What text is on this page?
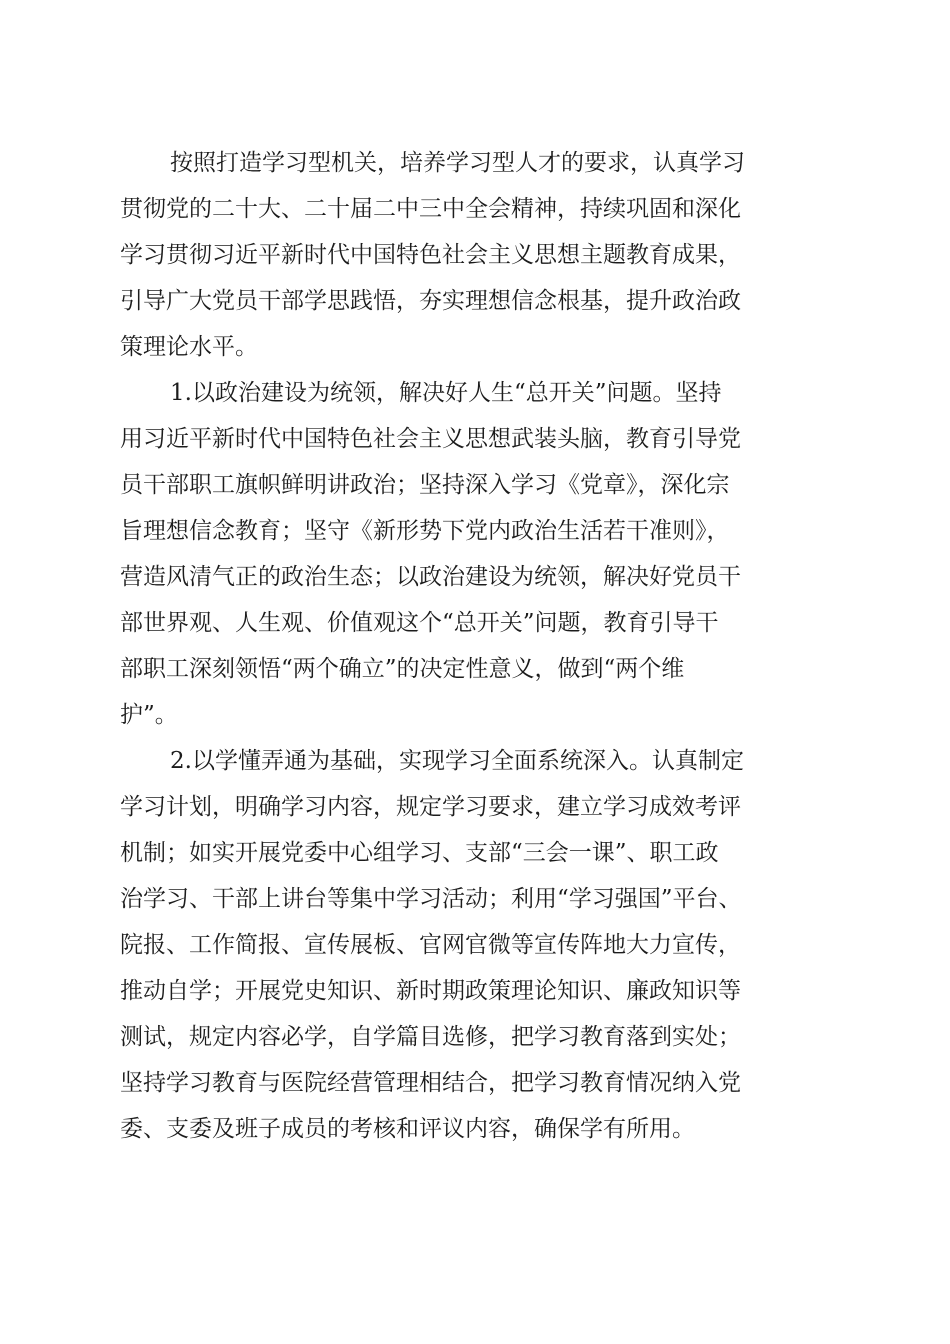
按照打造学习型机关，培养学习型人才的要求，认真学习
贯彻党的二十大、二十届二中三中全会精神，持续巩固和深化
学习贯彻习近平新时代中国特色社会主义思想主题教育成果，
引导广大党员干部学思践悟，夯实理想信念根基，提升政治政
策理论水平。
1.以政治建设为统领，解决好人生“总开关”问题。坚持
用习近平新时代中国特色社会主义思想武装头脑，教育引导党
员干部职工旗帜鲜明讲政治；坚持深入学习《党章》，深化宗
旨理想信念教育；坚守《新形势下党内政治生活若干准则》，
营造风清气正的政治生态；以政治建设为统领，解决好党员干
部世界观、人生观、价值观这个“总开关”问题，教育引导干
部职工深刻领悟“两个确立”的决定性意义，做到“两个维
护”。
2.以学懂弄通为基础，实现学习全面系统深入。认真制定
学习计划，明确学习内容，规定学习要求，建立学习成效考评
机制；如实开展党委中心组学习、支部“三会一课”、职工政
治学习、干部上讲台等集中学习活动；利用“学习强国”平台、
院报、工作简报、宣传展板、官网官微等宣传阵地大力宣传，
推动自学；开展党史知识、新时期政策理论知识、廉政知识等
测试，规定内容必学，自学篇目选修，把学习教育落到实处；
坚持学习教育与医院经营管理相结合，把学习教育情况纳入党
委、支委及班子成员的考核和评议内容，确保学有所用。
